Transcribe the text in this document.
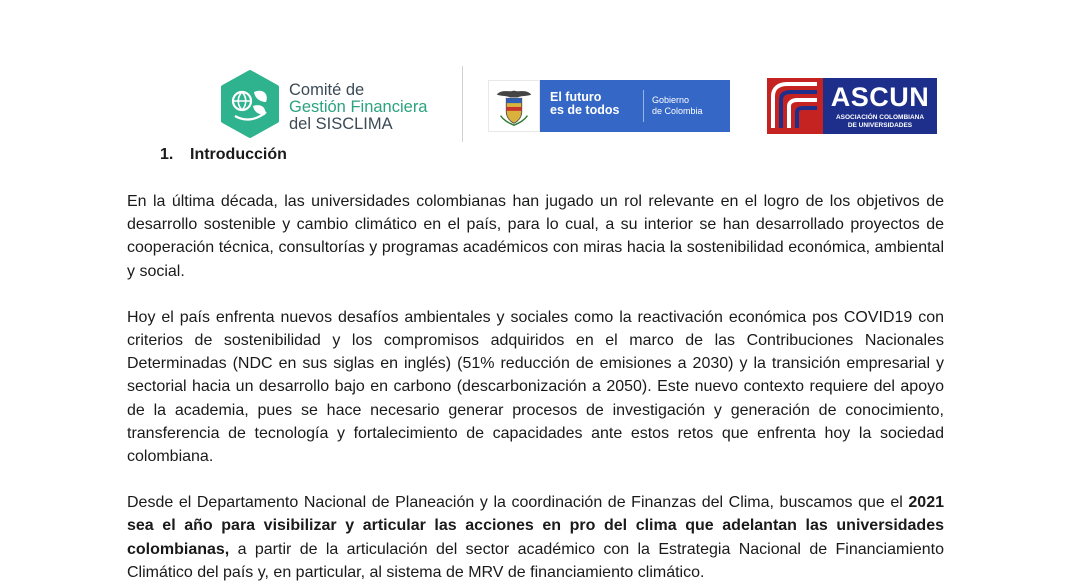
Comité de
Gestión Financiera
del SISCLIMA
El futuro
es de todos
Gobierno
de Colombia	ASCUN
ASOCIACIÓN COLOMBIANA
DE UNIVERSIDADES
1. Introducción

En la última década, las universidades colombianas han jugado un rol relevante en el logro de los objetivos de desarrollo sostenible y cambio climático en el país, para lo cual, a su interior se han desarrollado proyectos de cooperación técnica, consultorías y programas académicos con miras hacia la sostenibilidad económica, ambiental y social.

Hoy el país enfrenta nuevos desafíos ambientales y sociales como la reactivación económica pos COVID19 con criterios de sostenibilidad y los compromisos adquiridos en el marco de las Contribuciones Nacionales Determinadas (NDC en sus siglas en inglés) (51% reducción de emisiones a 2030) y la transición empresarial y sectorial hacia un desarrollo bajo en carbono (descarbonización a 2050). Este nuevo contexto requiere del apoyo de la academia, pues se hace necesario generar procesos de investigación y generación de conocimiento, transferencia de tecnología y fortalecimiento de capacidades ante estos retos que enfrenta hoy la sociedad colombiana.

Desde el Departamento Nacional de Planeación y la coordinación de Finanzas del Clima, buscamos que el 2021 sea el año para visibilizar y articular las acciones en pro del clima que adelantan las universidades colombianas, a partir de la articulación del sector académico con la Estrategia Nacional de Financiamiento Climático del país y, en particular, al sistema de MRV de financiamiento climático.
